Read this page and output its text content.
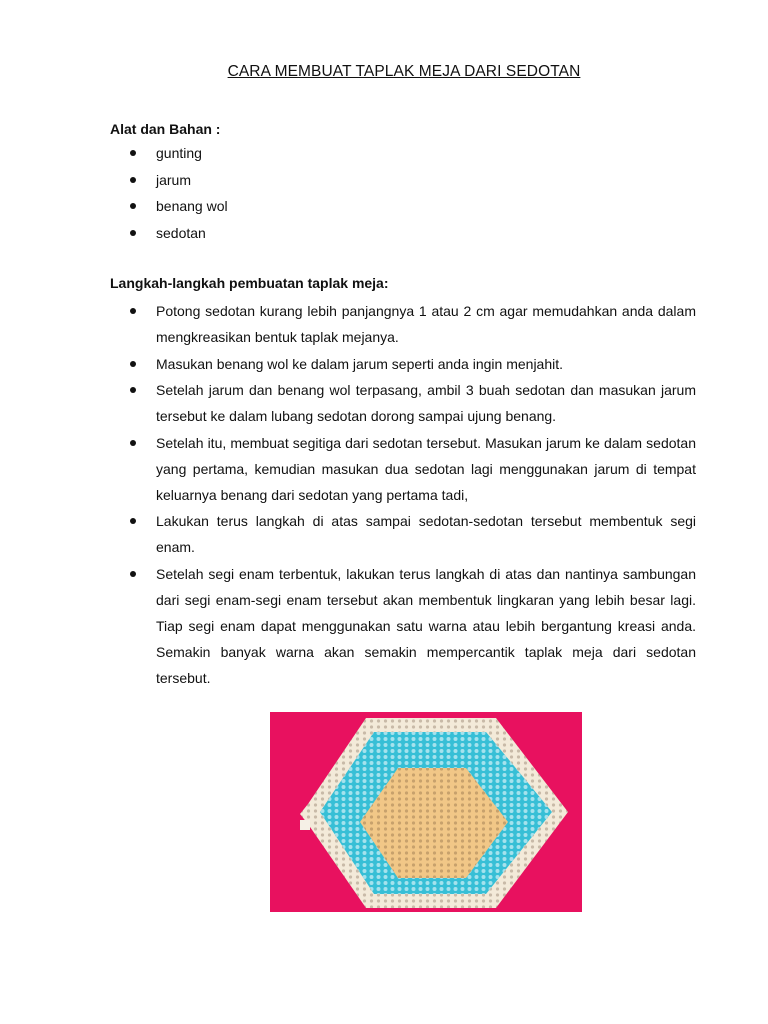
CARA MEMBUAT TAPLAK MEJA DARI SEDOTAN
Alat dan Bahan :
gunting
jarum
benang wol
sedotan
Langkah-langkah pembuatan taplak meja:
Potong sedotan kurang lebih panjangnya 1 atau 2 cm agar memudahkan anda dalam mengkreasikan bentuk taplak mejanya.
Masukan benang wol ke dalam jarum seperti anda ingin menjahit.
Setelah jarum dan benang wol terpasang, ambil 3 buah sedotan dan masukan jarum tersebut ke dalam lubang sedotan dorong sampai ujung benang.
Setelah itu, membuat segitiga dari sedotan tersebut. Masukan jarum ke dalam sedotan yang pertama, kemudian masukan dua sedotan lagi menggunakan jarum di tempat keluarnya benang dari sedotan yang pertama tadi,
Lakukan terus langkah di atas sampai sedotan-sedotan tersebut membentuk segi enam.
Setelah segi enam terbentuk, lakukan terus langkah di atas dan nantinya sambungan dari segi enam-segi enam tersebut akan membentuk lingkaran yang lebih besar lagi. Tiap segi enam dapat menggunakan satu warna atau lebih bergantung kreasi anda. Semakin banyak warna akan semakin mempercantik taplak meja dari sedotan tersebut.
